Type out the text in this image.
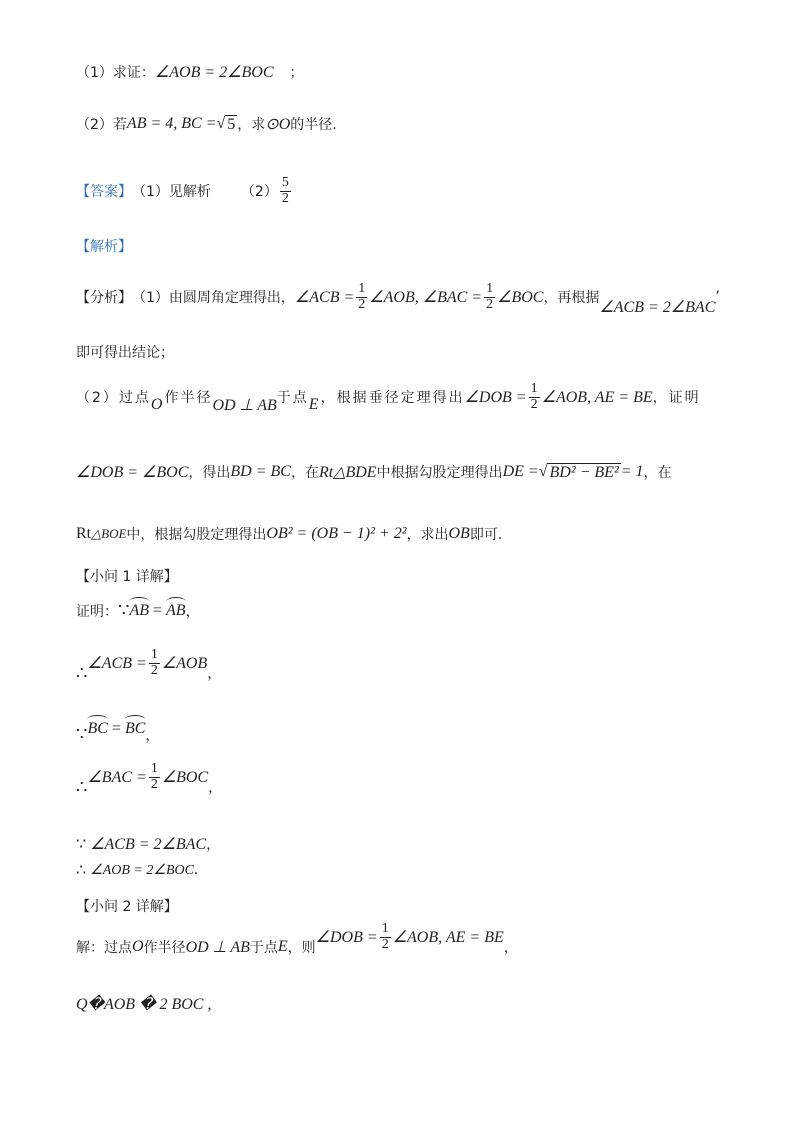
（1）求证： ∠AOB = 2∠BOC ；
（2）若 AB = 4, BC = √ 5 ，求 ⊙O 的半径.
【答案】 （1）见解析 $(2) \frac{5}{2}$
【解析】
【分析】 （1）由圆周角定理得出， ∠ACB = $\frac{1}{2}$ ∠AOB, ∠BAC = $\frac{1}{2}$ ∠BOC ，再根据
∠ACB = 2∠BAC
’
即可得出结论；
（2）过点 O 作半径 OD ⊥ AB 于点 E ，根据垂径定理得出 ∠DOB = $\frac{1}{2}$ ∠AOB, AE = BE ，证明
∠DOB = ∠BOC ，得出 BD = BC ，在 Rt△BDE 中根据勾股定理得出 DE = √ BD² − BE² = 1 ，在
Rt △BOE 中，根据勾股定理得出 OB² = (OB − 1)² + 2² ，求出 OB 即可.
【小问 1 详解】
证明： ∵ AB
=
AB ，
∴ ∠ACB = $\frac{1}{2}$ ∠AOB
，
∵ BC
=
BC ，
∴ ∠BAC = $\frac{1}{2}$ ∠BOC
，
∵
∠ACB = 2∠BAC ，
∴
∠AOB = 2∠BOC .
【小问 2 详解】
解：过点 O 作半径 OD ⊥ AB 于点 E ，则
∠DOB = $\frac{1}{2}$ ∠AOB, AE = BE
，
Q�AOB � 2 BOC ,
